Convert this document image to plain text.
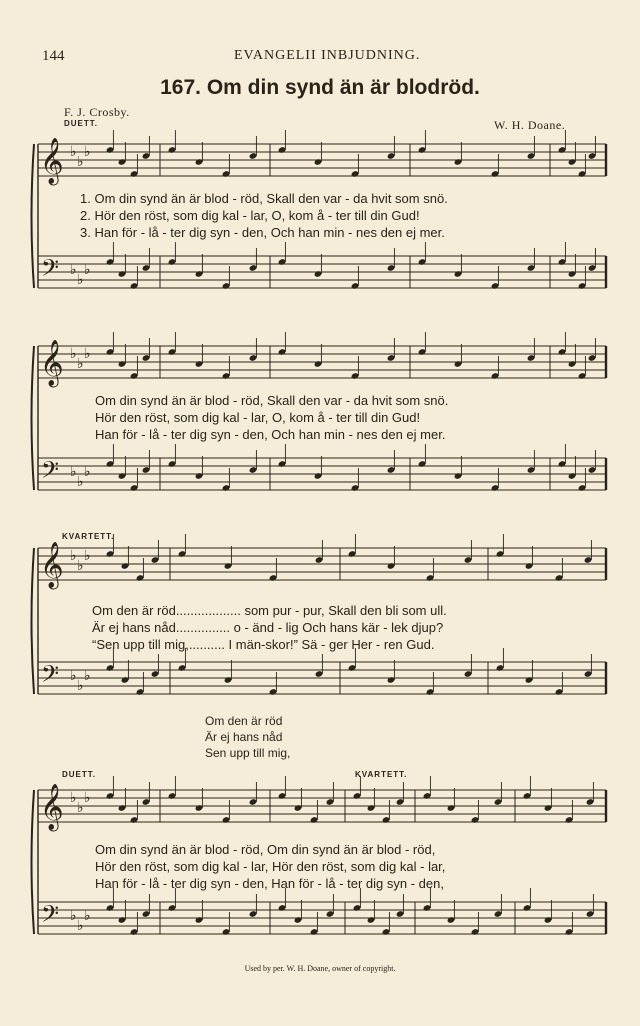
144	EVANGELII INBJUDNING.
167. Om din synd än är blodröd.
F. J. Crosby.
DUETT.	W. H. Doane.
𝄞
𝄢
♭
♭
♭
♭
♭
♭
𝄞
𝄢
♭
♭
♭
♭
♭
♭
𝄞
𝄢
♭
♭
♭
♭
♭
♭
𝄞
𝄢
♭
♭
♭
♭
♭
♭
1. Om din synd än är blod - röd, Skall den var - da hvit som snö.
2. Hör den röst, som dig kal - lar, O, kom å - ter till din Gud!
3. Han för - lå - ter dig syn - den, Och han min - nes den ej mer.
Om din synd än är blod - röd, Skall den var - da hvit som snö.
Hör den röst, som dig kal - lar, O, kom å - ter till din Gud!
Han för - lå - ter dig syn - den, Och han min - nes den ej mer.
KVARTETT.
Om den är röd.................. som pur - pur, Skall den bli som ull.
Är ej hans nåd............... o - änd - lig Och hans kär - lek djup?
“Sen upp till mig,.......... I män-skor!” Sä - ger Her - ren Gud.
Om den är röd
Är ej hans nåd
Sen upp till mig,
DUETT.	KVARTETT.
Om din synd än är blod - röd, Om din synd än är blod - röd,
Hör den röst, som dig kal - lar, Hör den röst, som dig kal - lar,
Han för - lå - ter dig syn - den, Han för - lå - ter dig syn - den,
Used by per. W. H. Doane, owner of copyright.
